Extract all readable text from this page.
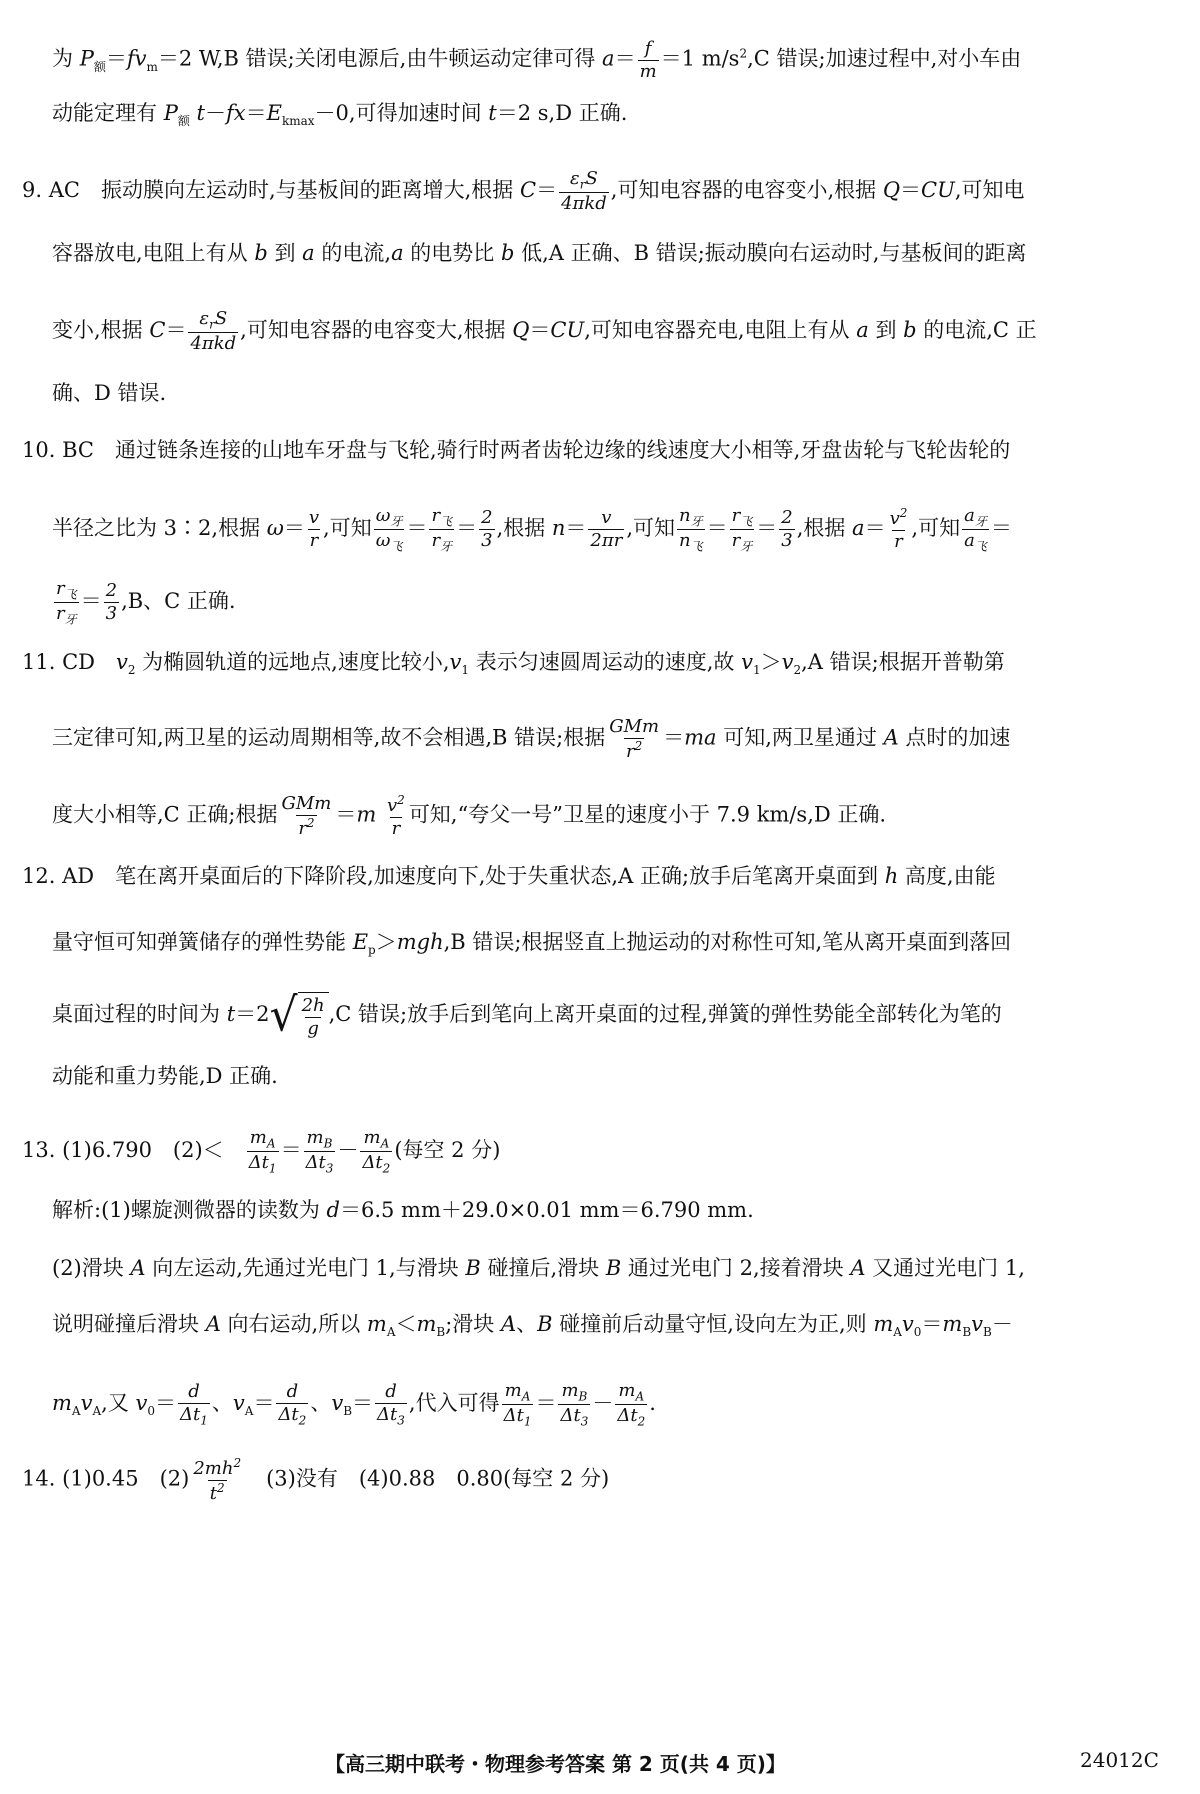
为 $P_额=fv_m=2$ W,B 错误;关闭电源后,由牛顿运动定律可得 $a= \frac{f}{m} =1$ $m/s^2,C$ 错误;加速过程中,对小车由
动能定理有 $P_额$ $t-fx=E_{kmax}-0$,可得加速时间 t＝2 s,D 正确.
9. AC　振动膜向左运动时,与基板间的距离增大,根据 $C= \frac{\varepsilon_rS}{\text{4πkd}}$ ,可知电容器的电容变小,根据 Q＝CU,可知电
容器放电,电阻上有从 b 到 a 的电流,a 的电势比 b 低,A 正确、B 错误;振动膜向右运动时,与基板间的距离
变小,根据 $C= \frac{\varepsilon_rS}{\text{4πkd}}$ ,可知电容器的电容变大,根据 Q＝CU,可知电容器充电,电阻上有从 a 到 b 的电流,C 正
确、D 错误.
10. BC　通过链条连接的山地车牙盘与飞轮,骑行时两者齿轮边缘的线速度大小相等,牙盘齿轮与飞轮齿轮的
半径之比为 3∶2,根据 $\omega= \frac{v}{r}$ ,可知 $\frac{\omega_牙}{\omega_飞} = \frac{r_飞}{r_牙} = \frac{2}{3}$ ,根据 $n= \frac{v}{2\pi r}$ ,可知 $\frac{n_牙}{n_飞} = \frac{r_飞}{r_牙} = \frac{2}{3}$ ,根据 $a= \frac{v^2}{r}$ ,可知 $\frac{a_牙}{a_飞}$ ＝
$\frac{r_飞}{r_牙} = \frac{2}{3} ,B$、C 正确.
11. CD　$v_2$ 为椭圆轨道的远地点,速度比较小$,v_1$ 表示匀速圆周运动的速度,故 $v_1>v_2,A$ 错误;根据开普勒第
三定律可知,两卫星的运动周期相等,故不会相遇,B 错误;根据 $\frac{\text{GMm}}{r^2} =ma$ 可知,两卫星通过 A 点时的加速
度大小相等,C 正确;根据 $\frac{\text{GMm}}{r^2} =m \frac{v^2}{r}$ 可知,“夸父一号”卫星的速度小于 7.9 km/s,D 正确.
12. AD　笔在离开桌面后的下降阶段,加速度向下,处于失重状态,A 正确;放手后笔离开桌面到 h 高度,由能
量守恒可知弹簧储存的弹性势能 $E_p>mgh,B$ 错误;根据竖直上抛运动的对称性可知,笔从离开桌面到落回
桌面过程的时间为 t＝2 √ $\frac{2h}{g} ,C$ 错误;放手后到笔向上离开桌面的过程,弹簧的弹性势能全部转化为笔的
动能和重力势能,D 正确.
13. (1)6.790　(2)＜　 $\frac{m_A}{\Delta t_1} = \frac{m_B}{\Delta t_3} - \frac{m_A}{\Delta t_2}$ (每空 2 分)
解析:(1)螺旋测微器的读数为 d＝6.5 mm＋29.0×0.01 mm＝6.790 mm.
(2)滑块 A 向左运动,先通过光电门 1,与滑块 B 碰撞后,滑块 B 通过光电门 2,接着滑块 A 又通过光电门 1,
说明碰撞后滑块 A 向右运动,所以 $m_A<m_B$;滑块 A、B 碰撞前后动量守恒,设向左为正,则 $m_Av_0=m_Bv_B-$
$m_Av_A$,又 $v_0= \frac{d}{\Delta t_1}$ 、$v_A= \frac{d}{\Delta t_2}$ 、$v_B= \frac{d}{\Delta t_3}$ ,代入可得 $\frac{m_A}{\Delta t_1} = \frac{m_B}{\Delta t_3} - \frac{m_A}{\Delta t_2}$ .
14. (1)0.45　$(2) \frac{2mh^2}{t^2}$ 　(3)没有　(4)0.88　0.80(每空 2 分)
【高三期中联考・物理参考答案 第 2 页(共 4 页)】	24012C
